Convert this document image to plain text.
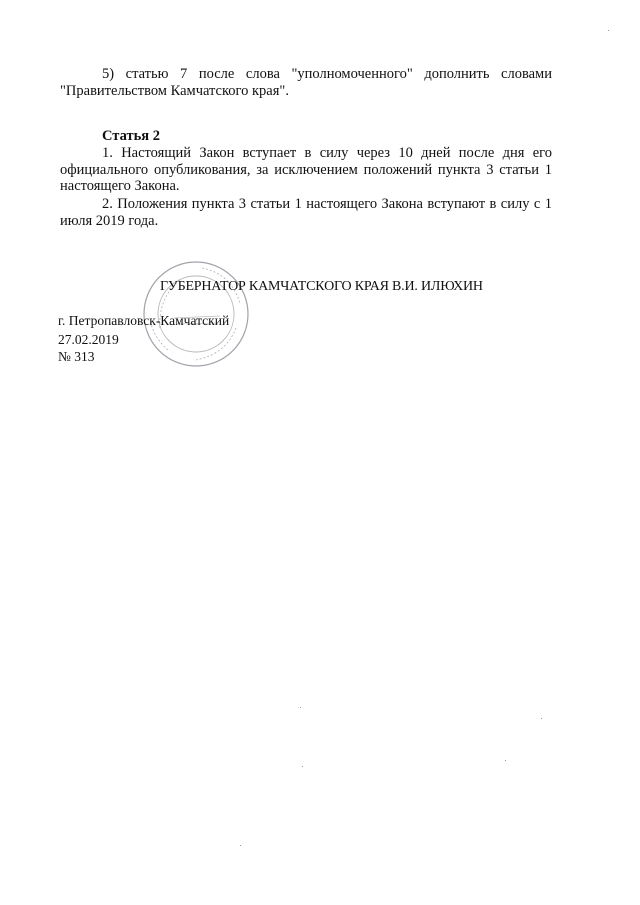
5) статью 7 после слова "уполномоченного" дополнить словами "Правительством Камчатского края".
Статья 2
1. Настоящий Закон вступает в силу через 10 дней после дня его официального опубликования, за исключением положений пункта 3 статьи 1 настоящего Закона.
2. Положения пункта 3 статьи 1 настоящего Закона вступают в силу с 1 июля 2019 года.
ГУБЕРНАТОР КАМЧАТСКОГО КРАЯ В.И. ИЛЮХИН
г. Петропавловск-Камчатский
27.02.2019
№ 313
